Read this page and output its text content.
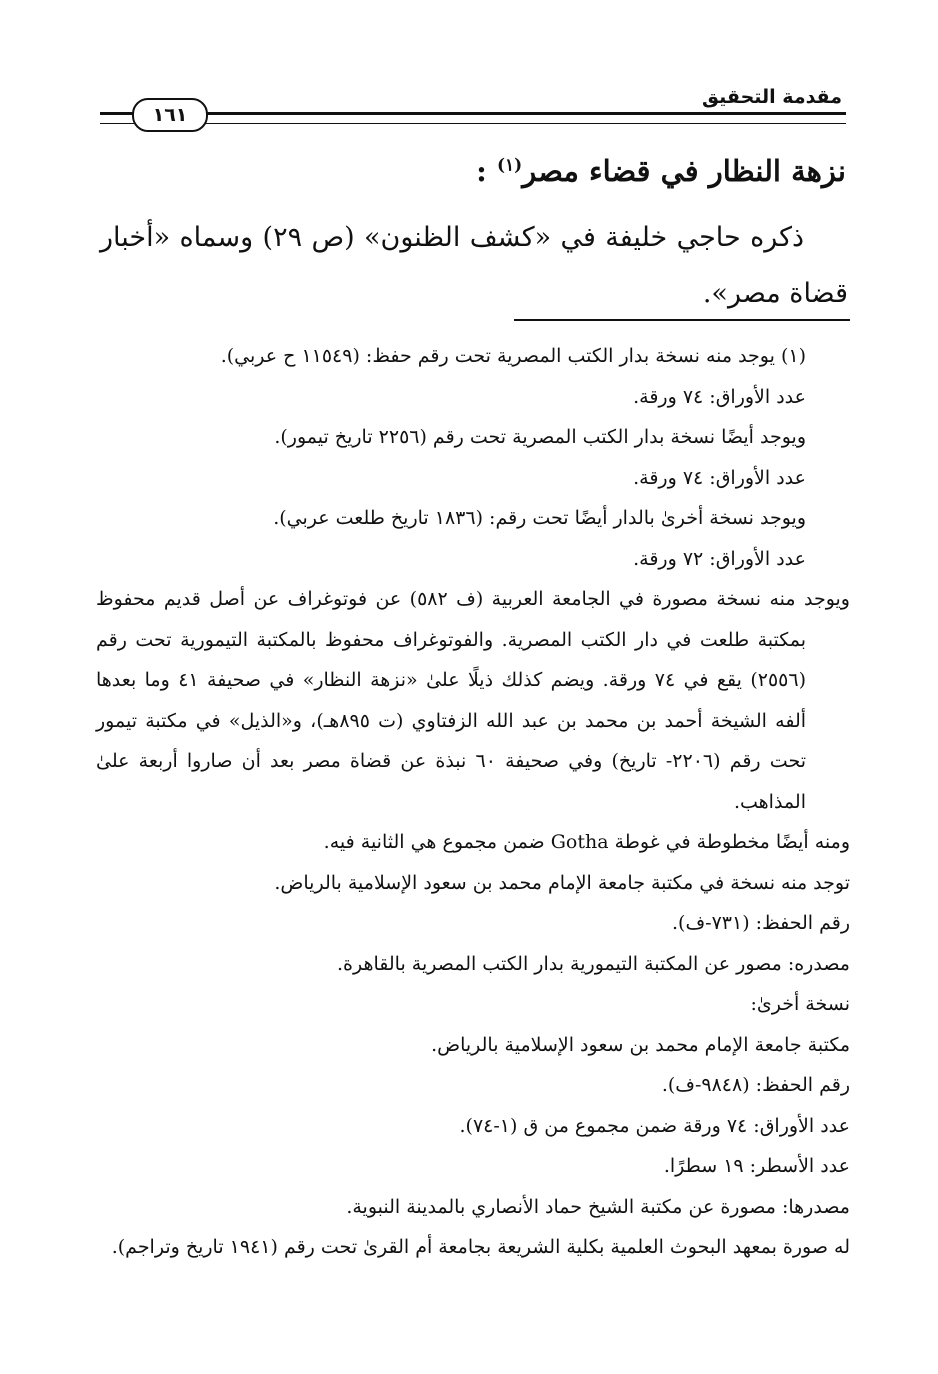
مقدمة التحقيق
١٦١
نزهة النظار في قضاء مصر$^{(١)}$ :

ذكره حاجي خليفة في «كشف الظنون» (ص ٢٩) وسماه «أخبار قضاة مصر».

(١) يوجد منه نسخة بدار الكتب المصرية تحت رقم حفظ: (١١٥٤٩ ح عربي).

عدد الأوراق: ٧٤ ورقة.

ويوجد أيضًا نسخة بدار الكتب المصرية تحت رقم (٢٢٥٦ تاريخ تيمور).

عدد الأوراق: ٧٤ ورقة.

ويوجد نسخة أخرىٰ بالدار أيضًا تحت رقم: (١٨٣٦ تاريخ طلعت عربي).

عدد الأوراق: ٧٢ ورقة.

ويوجد منه نسخة مصورة في الجامعة العربية (ف ٥٨٢) عن فوتوغراف عن أصل قديم محفوظ بمكتبة طلعت في دار الكتب المصرية. والفوتوغراف محفوظ بالمكتبة التيمورية تحت رقم (٢٥٥٦) يقع في ٧٤ ورقة. ويضم كذلك ذيلًا علىٰ «نزهة النظار» في صحيفة ٤١ وما بعدها ألفه الشيخة أحمد بن محمد بن عبد الله الزفتاوي (ت ٨٩٥هـ)، و«الذيل» في مكتبة تيمور تحت رقم (٢٢٠٦- تاريخ) وفي صحيفة ٦٠ نبذة عن قضاة مصر بعد أن صاروا أربعة علىٰ المذاهب.

ومنه أيضًا مخطوطة في غوطة Gotha ضمن مجموع هي الثانية فيه.

توجد منه نسخة في مكتبة جامعة الإمام محمد بن سعود الإسلامية بالرياض.

رقم الحفظ: (٧٣١-ف).

مصدره: مصور عن المكتبة التيمورية بدار الكتب المصرية بالقاهرة.

نسخة أخرىٰ:

مكتبة جامعة الإمام محمد بن سعود الإسلامية بالرياض.

رقم الحفظ: (٩٨٤٨-ف).

عدد الأوراق: ٧٤ ورقة ضمن مجموع من ق (١-٧٤).

عدد الأسطر: ١٩ سطرًا.

مصدرها: مصورة عن مكتبة الشيخ حماد الأنصاري بالمدينة النبوية.

له صورة بمعهد البحوث العلمية بكلية الشريعة بجامعة أم القرىٰ تحت رقم (١٩٤١ تاريخ وتراجم).
